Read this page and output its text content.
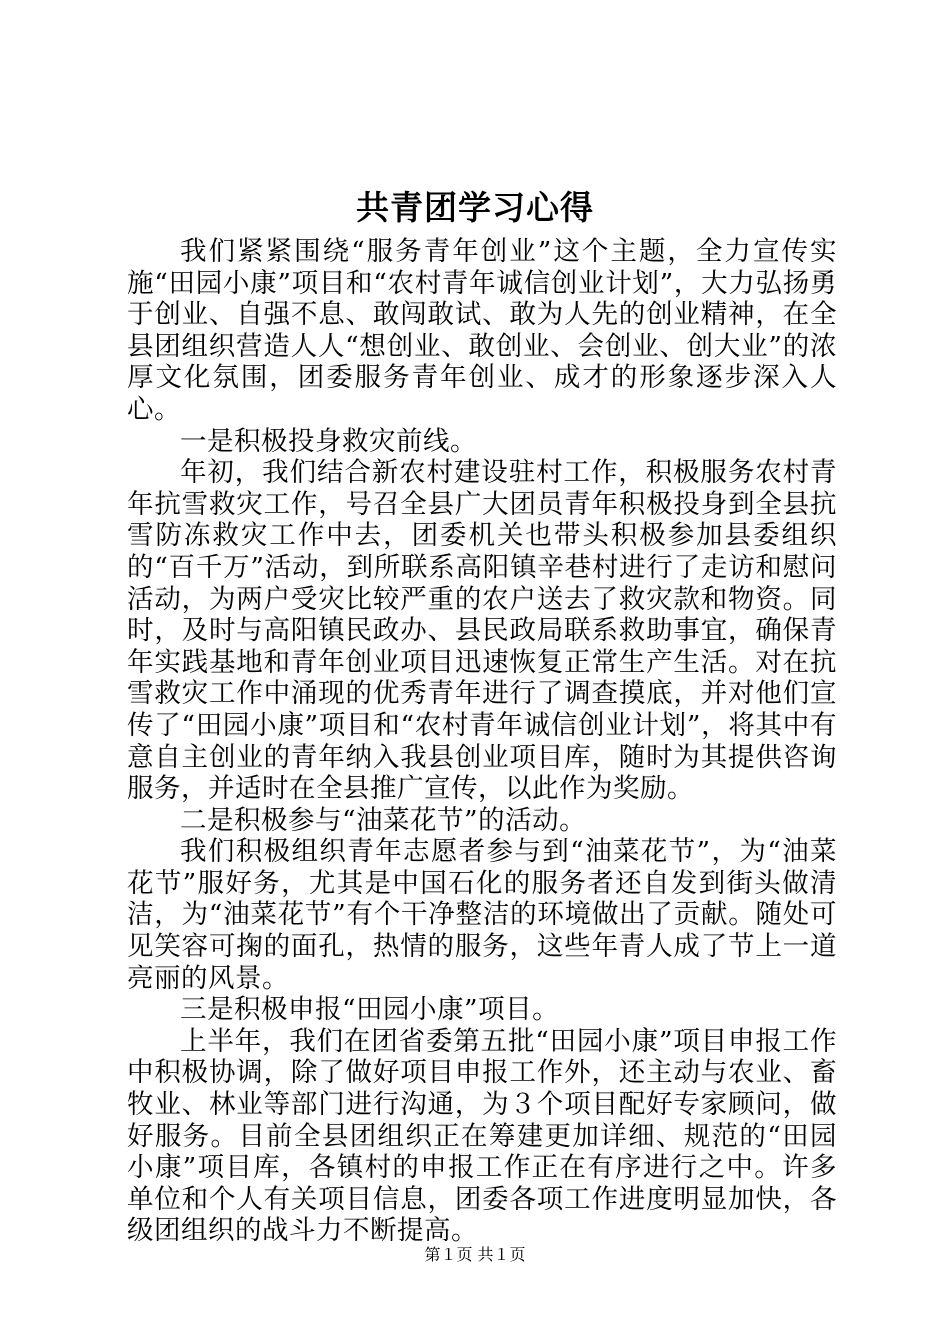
共青团学习心得

我们紧紧围绕“服务青年创业”这个主题，全力宣传实施“田园小康”项目和“农村青年诚信创业计划”，大力弘扬勇于创业、自强不息、敢闯敢试、敢为人先的创业精神，在全县团组织营造人人“想创业、敢创业、会创业、创大业”的浓厚文化氛围，团委服务青年创业、成才的形象逐步深入人心。

一是积极投身救灾前线。

年初，我们结合新农村建设驻村工作，积极服务农村青年抗雪救灾工作，号召全县广大团员青年积极投身到全县抗雪防冻救灾工作中去，团委机关也带头积极参加县委组织的“百千万”活动，到所联系高阳镇辛巷村进行了走访和慰问活动，为两户受灾比较严重的农户送去了救灾款和物资。同时，及时与高阳镇民政办、县民政局联系救助事宜，确保青年实践基地和青年创业项目迅速恢复正常生产生活。对在抗雪救灾工作中涌现的优秀青年进行了调查摸底，并对他们宣传了“田园小康”项目和“农村青年诚信创业计划”，将其中有意自主创业的青年纳入我县创业项目库，随时为其提供咨询服务，并适时在全县推广宣传，以此作为奖励。

二是积极参与“油菜花节”的活动。

我们积极组织青年志愿者参与到“油菜花节”，为“油菜花节”服好务，尤其是中国石化的服务者还自发到街头做清洁，为“油菜花节”有个干净整洁的环境做出了贡献。随处可见笑容可掬的面孔，热情的服务，这些年青人成了节上一道亮丽的风景。

三是积极申报“田园小康”项目。

上半年，我们在团省委第五批“田园小康”项目申报工作中积极协调，除了做好项目申报工作外，还主动与农业、畜牧业、林业等部门进行沟通，为３个项目配好专家顾问，做好服务。目前全县团组织正在筹建更加详细、规范的“田园小康”项目库，各镇村的申报工作正在有序进行之中。许多单位和个人有关项目信息，团委各项工作进度明显加快，各级团组织的战斗力不断提高。

第１页 共１页
